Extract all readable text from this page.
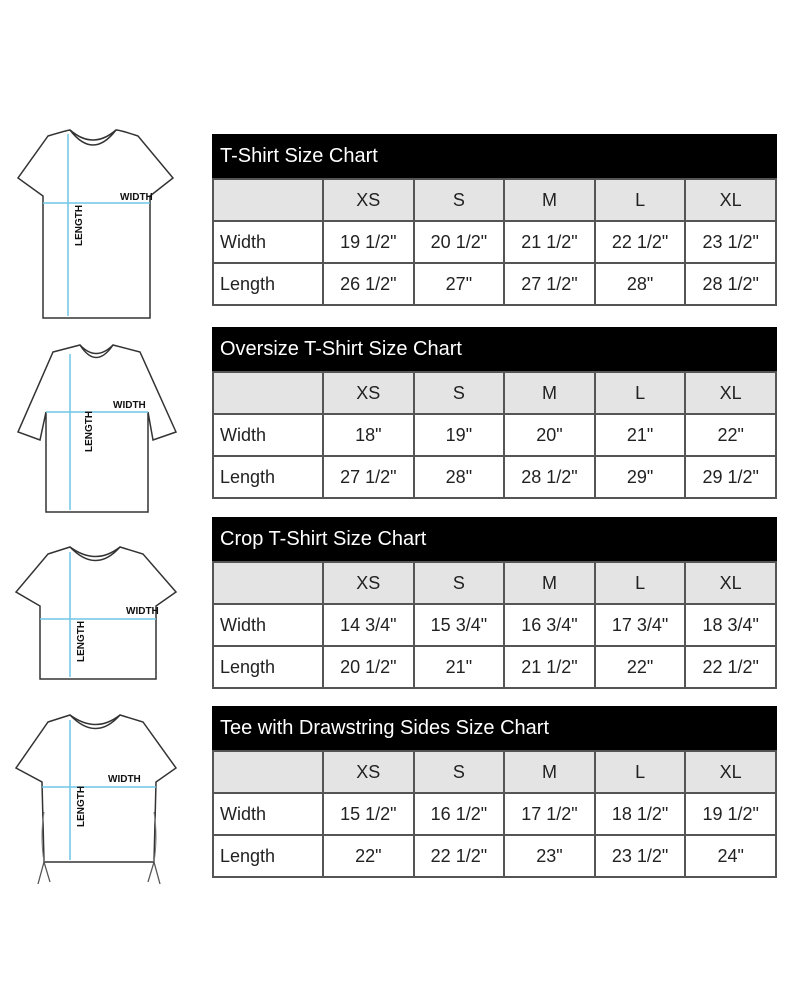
WIDTH
LENGTH
T-Shirt Size Chart
	XS	S	M	L	XL
Width	19 1/2"	20 1/2"	21 1/2"	22 1/2"	23 1/2"
Length	26 1/2"	27"	27 1/2"	28"	28 1/2"
WIDTH
LENGTH
Oversize T-Shirt Size Chart
	XS	S	M	L	XL
Width	18"	19"	20"	21"	22"
Length	27 1/2"	28"	28 1/2"	29"	29 1/2"
WIDTH
LENGTH
Crop T-Shirt Size Chart
	XS	S	M	L	XL
Width	14 3/4"	15 3/4"	16 3/4"	17 3/4"	18 3/4"
Length	20 1/2"	21"	21 1/2"	22"	22 1/2"
WIDTH
LENGTH
Tee with Drawstring Sides Size Chart
	XS	S	M	L	XL
Width	15 1/2"	16 1/2"	17 1/2"	18 1/2"	19 1/2"
Length	22"	22 1/2"	23"	23 1/2"	24"
